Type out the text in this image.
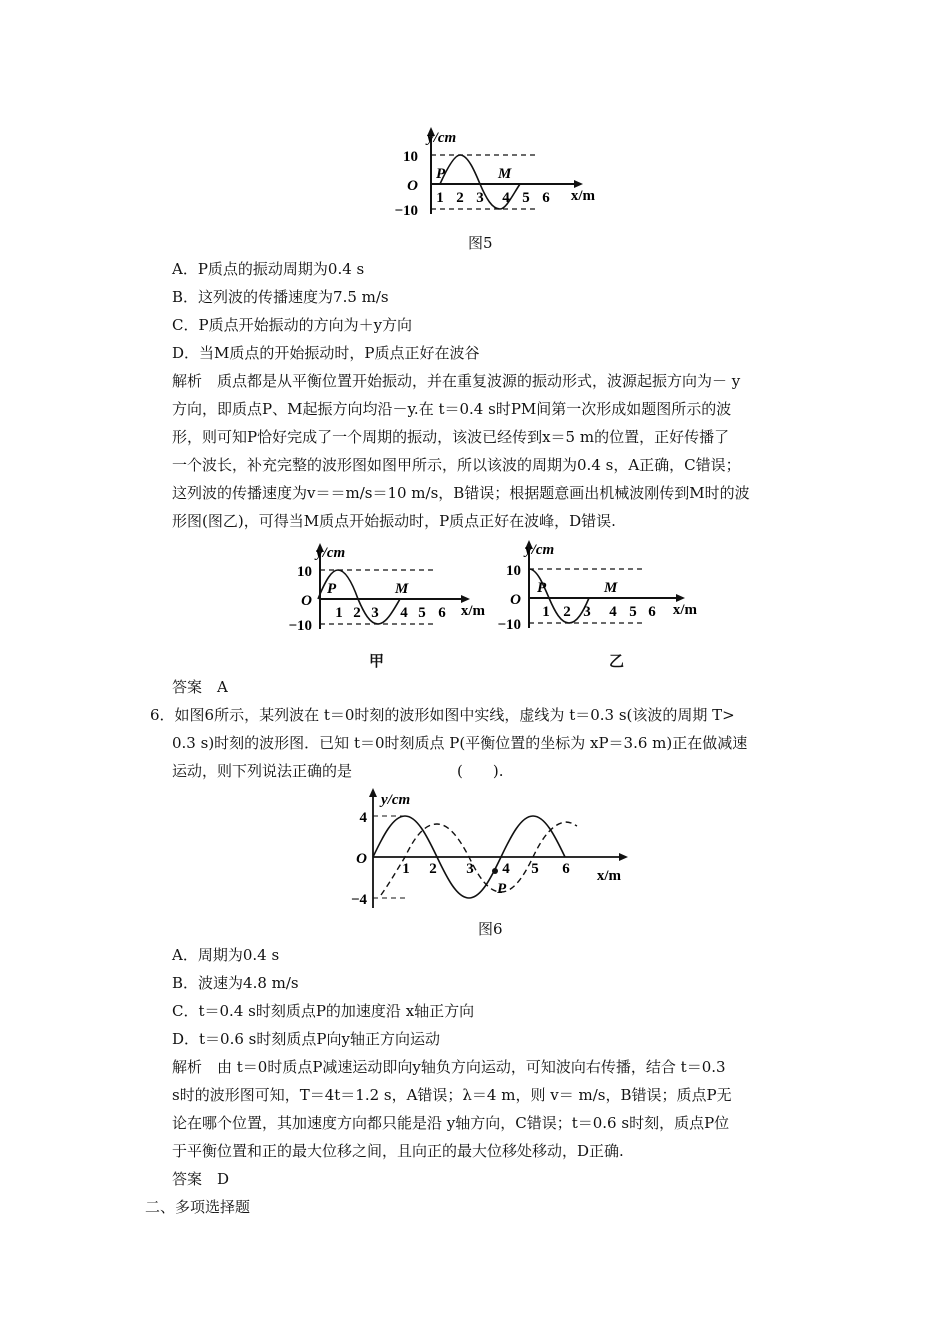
y/cm
x/m
10
O
−10
1 2 3 4 5 6
P	M
图5
A．P质点的振动周期为0.4 s
B．这列波的传播速度为7.5 m/s
C．P质点开始振动的方向为＋y方向
D．当M质点的开始振动时，P质点正好在波谷
解析　质点都是从平衡位置开始振动，并在重复波源的振动形式，波源起振方向为－ y
方向，即质点P、M起振方向均沿－y.在 t＝0.4 s时PM间第一次形成如题图所示的波
形，则可知P恰好完成了一个周期的振动，该波已经传到x＝5 m的位置，正好传播了
一个波长，补充完整的波形图如图甲所示，所以该波的周期为0.4 s，A正确，C错误；
这列波的传播速度为v＝＝m/s＝10 m/s，B错误；根据题意画出机械波刚传到M时的波
形图(图乙)，可得当M质点开始振动时，P质点正好在波峰，D错误.
y/cm
x/m
10
O
−10
1 2 3 4 5 6
P	M
甲
y/cm
x/m
10
O
−10
1 2 3 4 5 6
P	M
乙
答案　A
6．如图6所示，某列波在 t＝0时刻的波形如图中实线，虚线为 t＝0.3 s(该波的周期 T>
0.3 s)时刻的波形图．已知 t＝0时刻质点 P(平衡位置的坐标为 xP＝3.6 m)正在做减速
运动，则下列说法正确的是　　　　　　　(　　).
y/cm
x/m
4
O
−4
1 2 3 4 5 6
P
图6
A．周期为0.4 s
B．波速为4.8 m/s
C．t＝0.4 s时刻质点P的加速度沿 x轴正方向
D．t＝0.6 s时刻质点P向y轴正方向运动
解析　由 t＝0时质点P减速运动即向y轴负方向运动，可知波向右传播，结合 t＝0.3
s时的波形图可知，T＝4t＝1.2 s，A错误；λ＝4 m，则 v＝ m/s，B错误；质点P无
论在哪个位置，其加速度方向都只能是沿 y轴方向，C错误；t＝0.6 s时刻，质点P位
于平衡位置和正的最大位移之间，且向正的最大位移处移动，D正确.
答案　D
二、多项选择题
